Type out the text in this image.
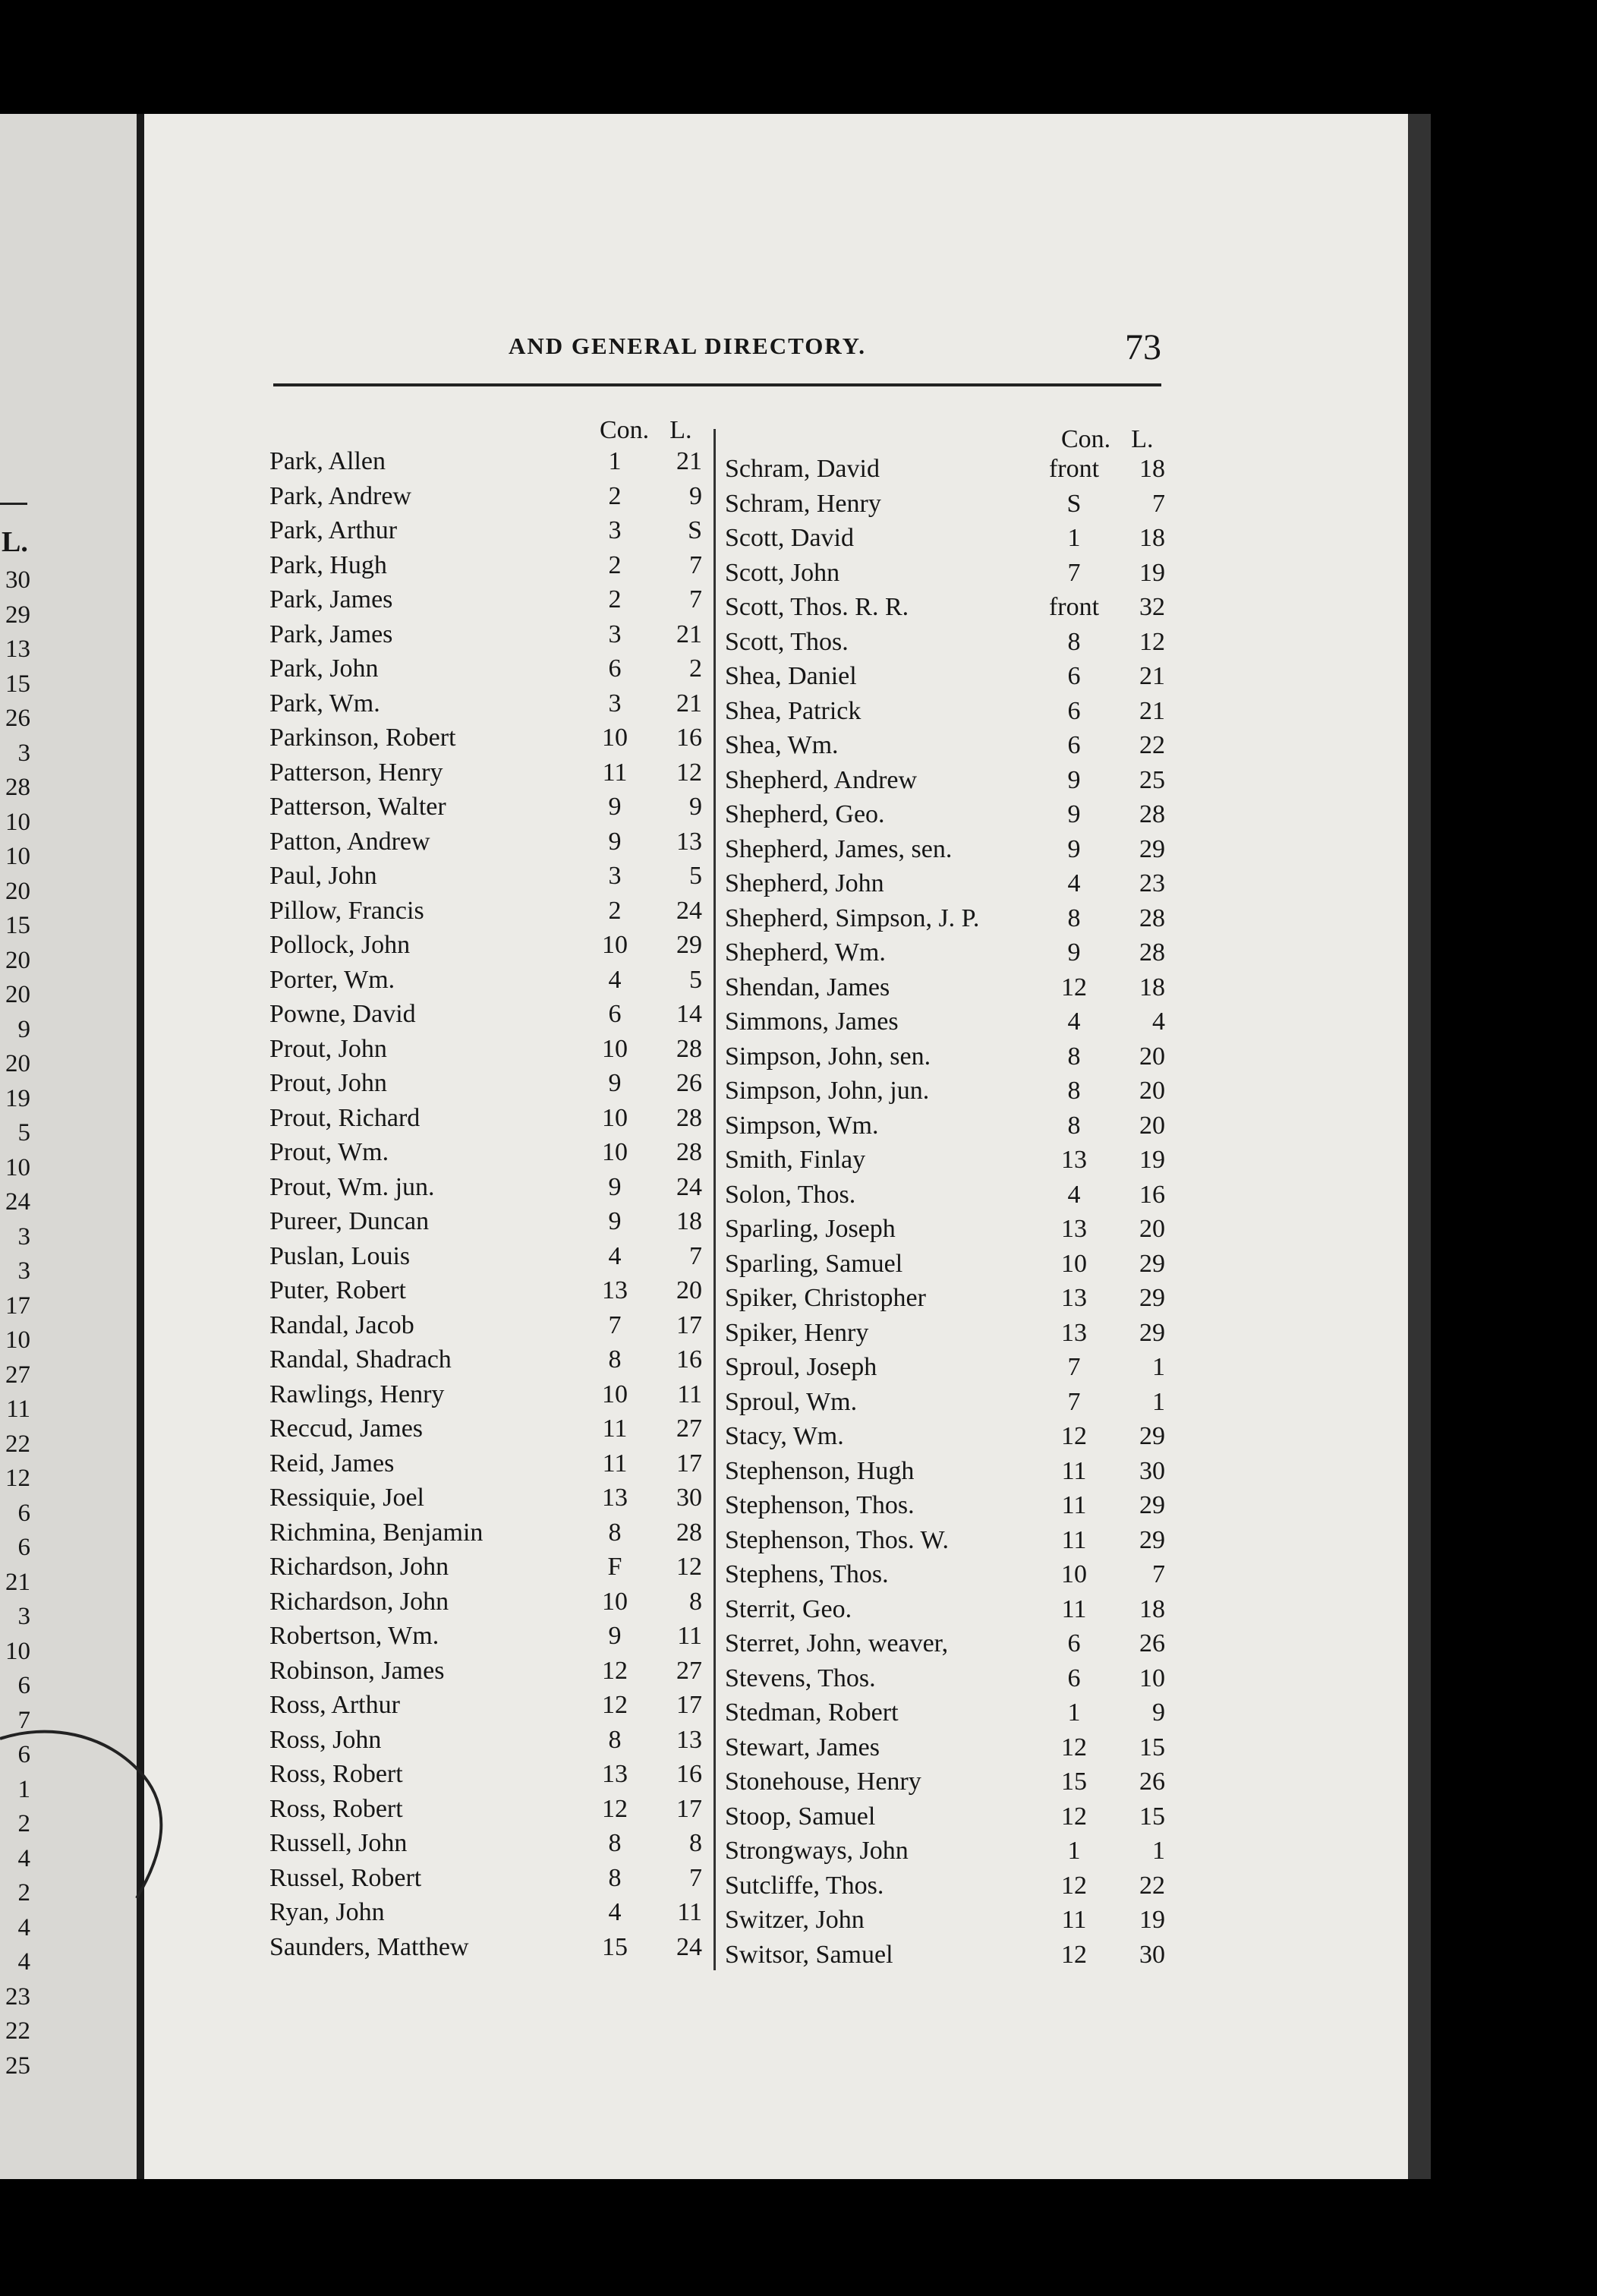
L.
30
29
13
15
26
3
28
10
10
20
15
20
20
9
20
19
5
10
24
3
3
17
10
27
11
22
12
6
6
21
3
10
6
7
6
1
2
4
2
4
4
23
22
25
AND GENERAL DIRECTORY.	73
Con. L.	Con. L.
Park, Allen	1	21
Park, Andrew	2	9
Park, Arthur	3	S
Park, Hugh	2	7
Park, James	2	7
Park, James	3	21
Park, John	6	2
Park, Wm.	3	21
Parkinson, Robert	10	16
Patterson, Henry	11	12
Patterson, Walter	9	9
Patton, Andrew	9	13
Paul, John	3	5
Pillow, Francis	2	24
Pollock, John	10	29
Porter, Wm.	4	5
Powne, David	6	14
Prout, John	10	28
Prout, John	9	26
Prout, Richard	10	28
Prout, Wm.	10	28
Prout, Wm. jun.	9	24
Pureer, Duncan	9	18
Puslan, Louis	4	7
Puter, Robert	13	20
Randal, Jacob	7	17
Randal, Shadrach	8	16
Rawlings, Henry	10	11
Reccud, James	11	27
Reid, James	11	17
Ressiquie, Joel	13	30
Richmina, Benjamin	8	28
Richardson, John	F	12
Richardson, John	10	8
Robertson, Wm.	9	11
Robinson, James	12	27
Ross, Arthur	12	17
Ross, John	8	13
Ross, Robert	13	16
Ross, Robert	12	17
Russell, John	8	8
Russel, Robert	8	7
Ryan, John	4	11
Saunders, Matthew	15	24
Schram, David	front	18
Schram, Henry	S	7
Scott, David	1	18
Scott, John	7	19
Scott, Thos. R. R.	front	32
Scott, Thos.	8	12
Shea, Daniel	6	21
Shea, Patrick	6	21
Shea, Wm.	6	22
Shepherd, Andrew	9	25
Shepherd, Geo.	9	28
Shepherd, James, sen.	9	29
Shepherd, John	4	23
Shepherd, Simpson, J. P.	8	28
Shepherd, Wm.	9	28
Shendan, James	12	18
Simmons, James	4	4
Simpson, John, sen.	8	20
Simpson, John, jun.	8	20
Simpson, Wm.	8	20
Smith, Finlay	13	19
Solon, Thos.	4	16
Sparling, Joseph	13	20
Sparling, Samuel	10	29
Spiker, Christopher	13	29
Spiker, Henry	13	29
Sproul, Joseph	7	1
Sproul, Wm.	7	1
Stacy, Wm.	12	29
Stephenson, Hugh	11	30
Stephenson, Thos.	11	29
Stephenson, Thos. W.	11	29
Stephens, Thos.	10	7
Sterrit, Geo.	11	18
Sterret, John, weaver,	6	26
Stevens, Thos.	6	10
Stedman, Robert	1	9
Stewart, James	12	15
Stonehouse, Henry	15	26
Stoop, Samuel	12	15
Strongways, John	1	1
Sutcliffe, Thos.	12	22
Switzer, John	11	19
Switsor, Samuel	12	30
